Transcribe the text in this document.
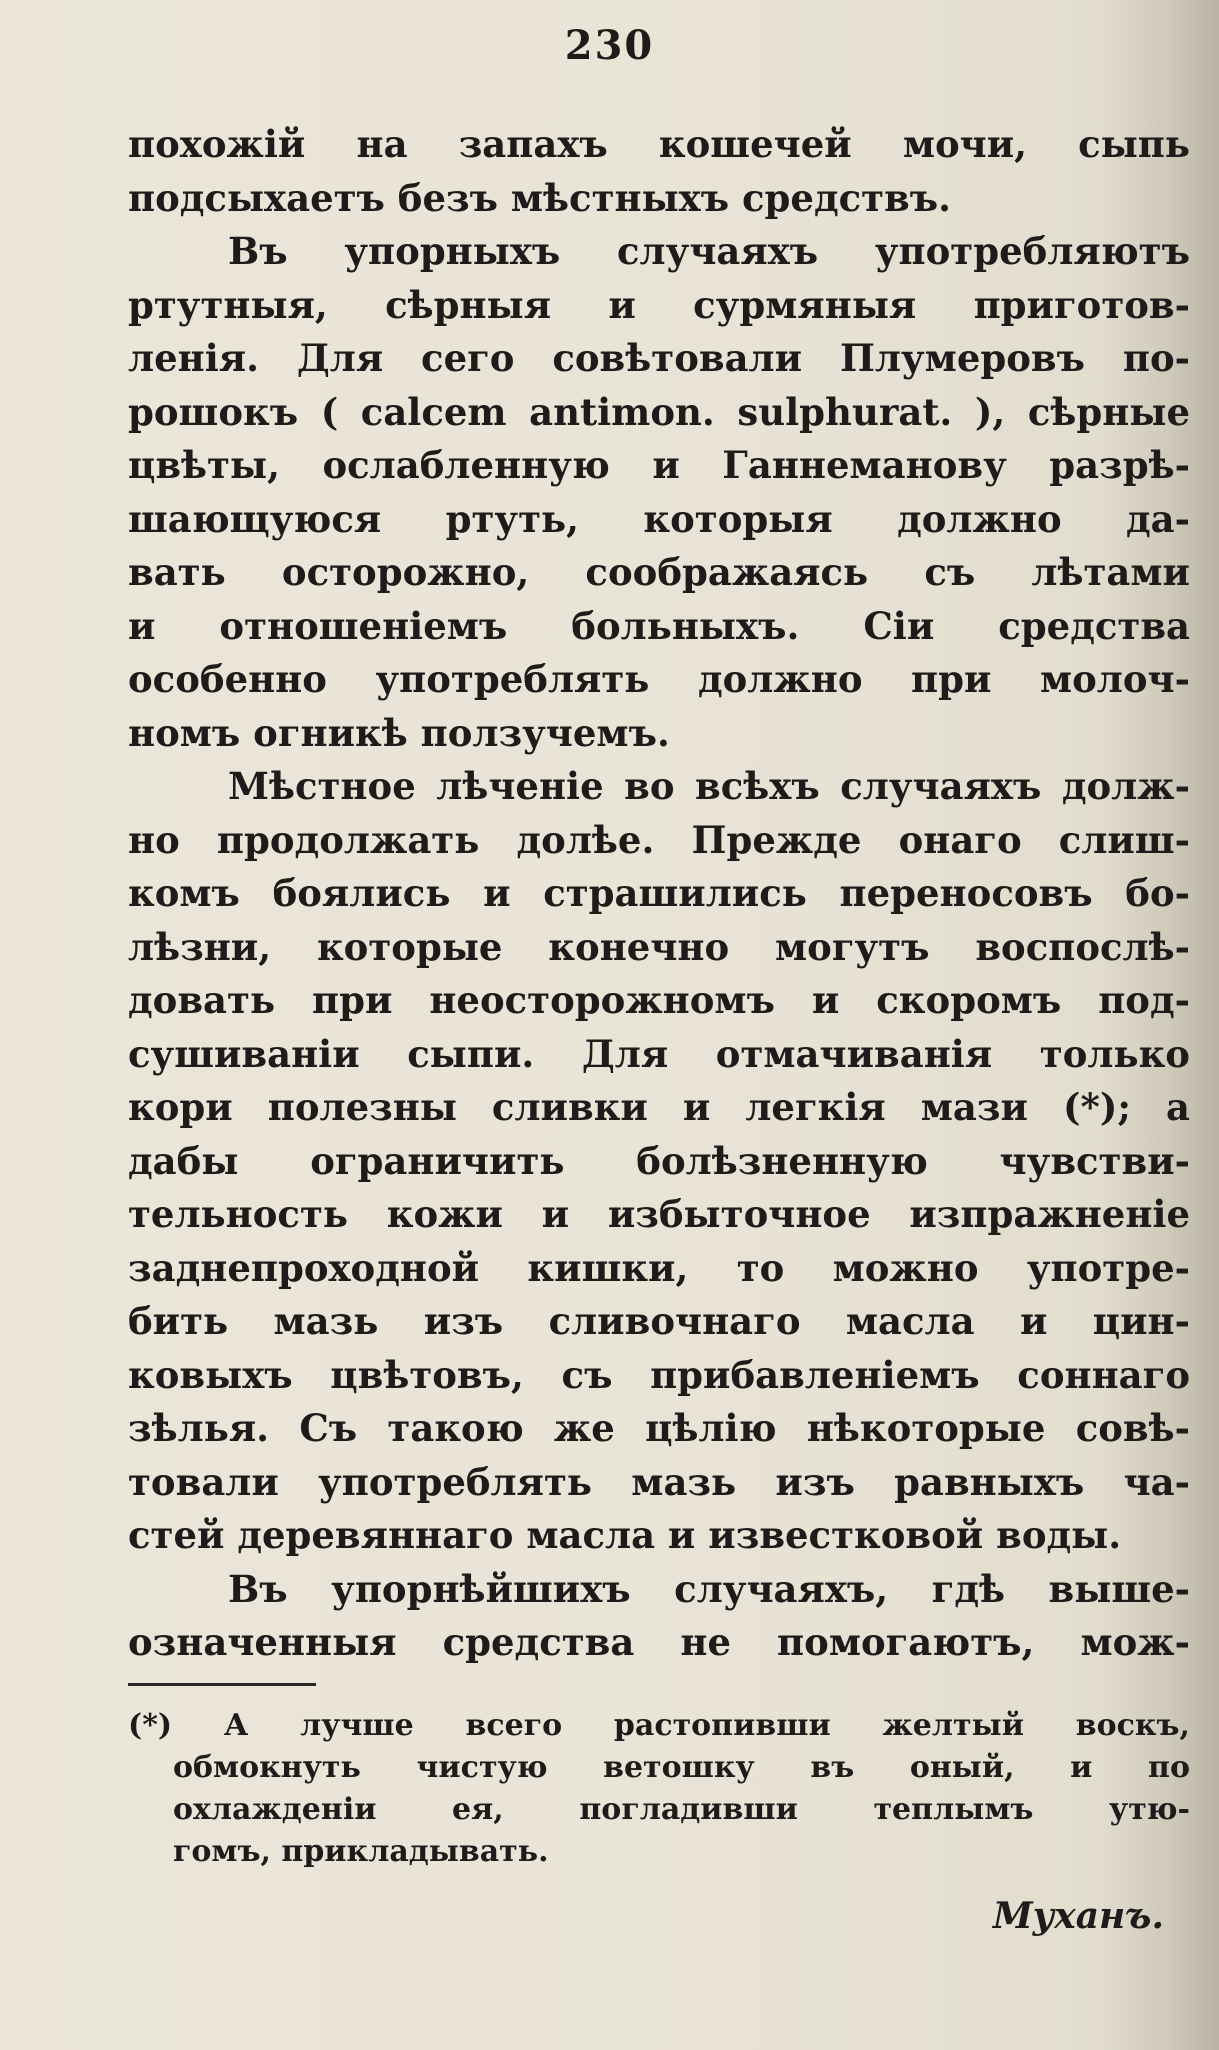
230
похожій на запахъ кошечей мочи, сыпь
подсыхаетъ безъ мѣстныхъ средствъ.
Въ упорныхъ случаяхъ употребляютъ
ртутныя, сѣрныя и сурмяныя приготов-
ленія. Для сего совѣтовали Плумеровъ по-
рошокъ ( calcem antimon. sulphurat. ), сѣрные
цвѣты, ослабленную и Ганнеманову разрѣ-
шающуюся ртуть, которыя должно да-
вать осторожно, соображаясь съ лѣтами
и отношеніемъ больныхъ. Сіи средства
особенно употреблять должно при молоч-
номъ огникѣ ползучемъ.
Мѣстное лѣченіе во всѣхъ случаяхъ долж-
но продолжать долѣе. Прежде онаго слиш-
комъ боялись и страшились переносовъ бо-
лѣзни, которые конечно могутъ воспослѣ-
довать при неосторожномъ и скоромъ под-
сушиваніи сыпи. Для отмачиванія только
кори полезны сливки и легкія мази (*); а
дабы ограничить болѣзненную чувстви-
тельность кожи и избыточное изпражненіе
заднепроходной кишки, то можно употре-
бить мазь изъ сливочнаго масла и цин-
ковыхъ цвѣтовъ, съ прибавленіемъ соннаго
зѣлья. Съ такою же цѣлію нѣкоторые совѣ-
товали употреблять мазь изъ равныхъ ча-
стей деревяннаго масла и известковой воды.
Въ упорнѣйшихъ случаяхъ, гдѣ выше-
означенныя средства не помогаютъ, мож-
(*) А лучше всего растопивши желтый воскъ,
обмокнуть чистую ветошку въ оный, и по
охлажденіи ея, погладивши теплымъ утю-
гомъ, прикладывать.
Муханъ.
